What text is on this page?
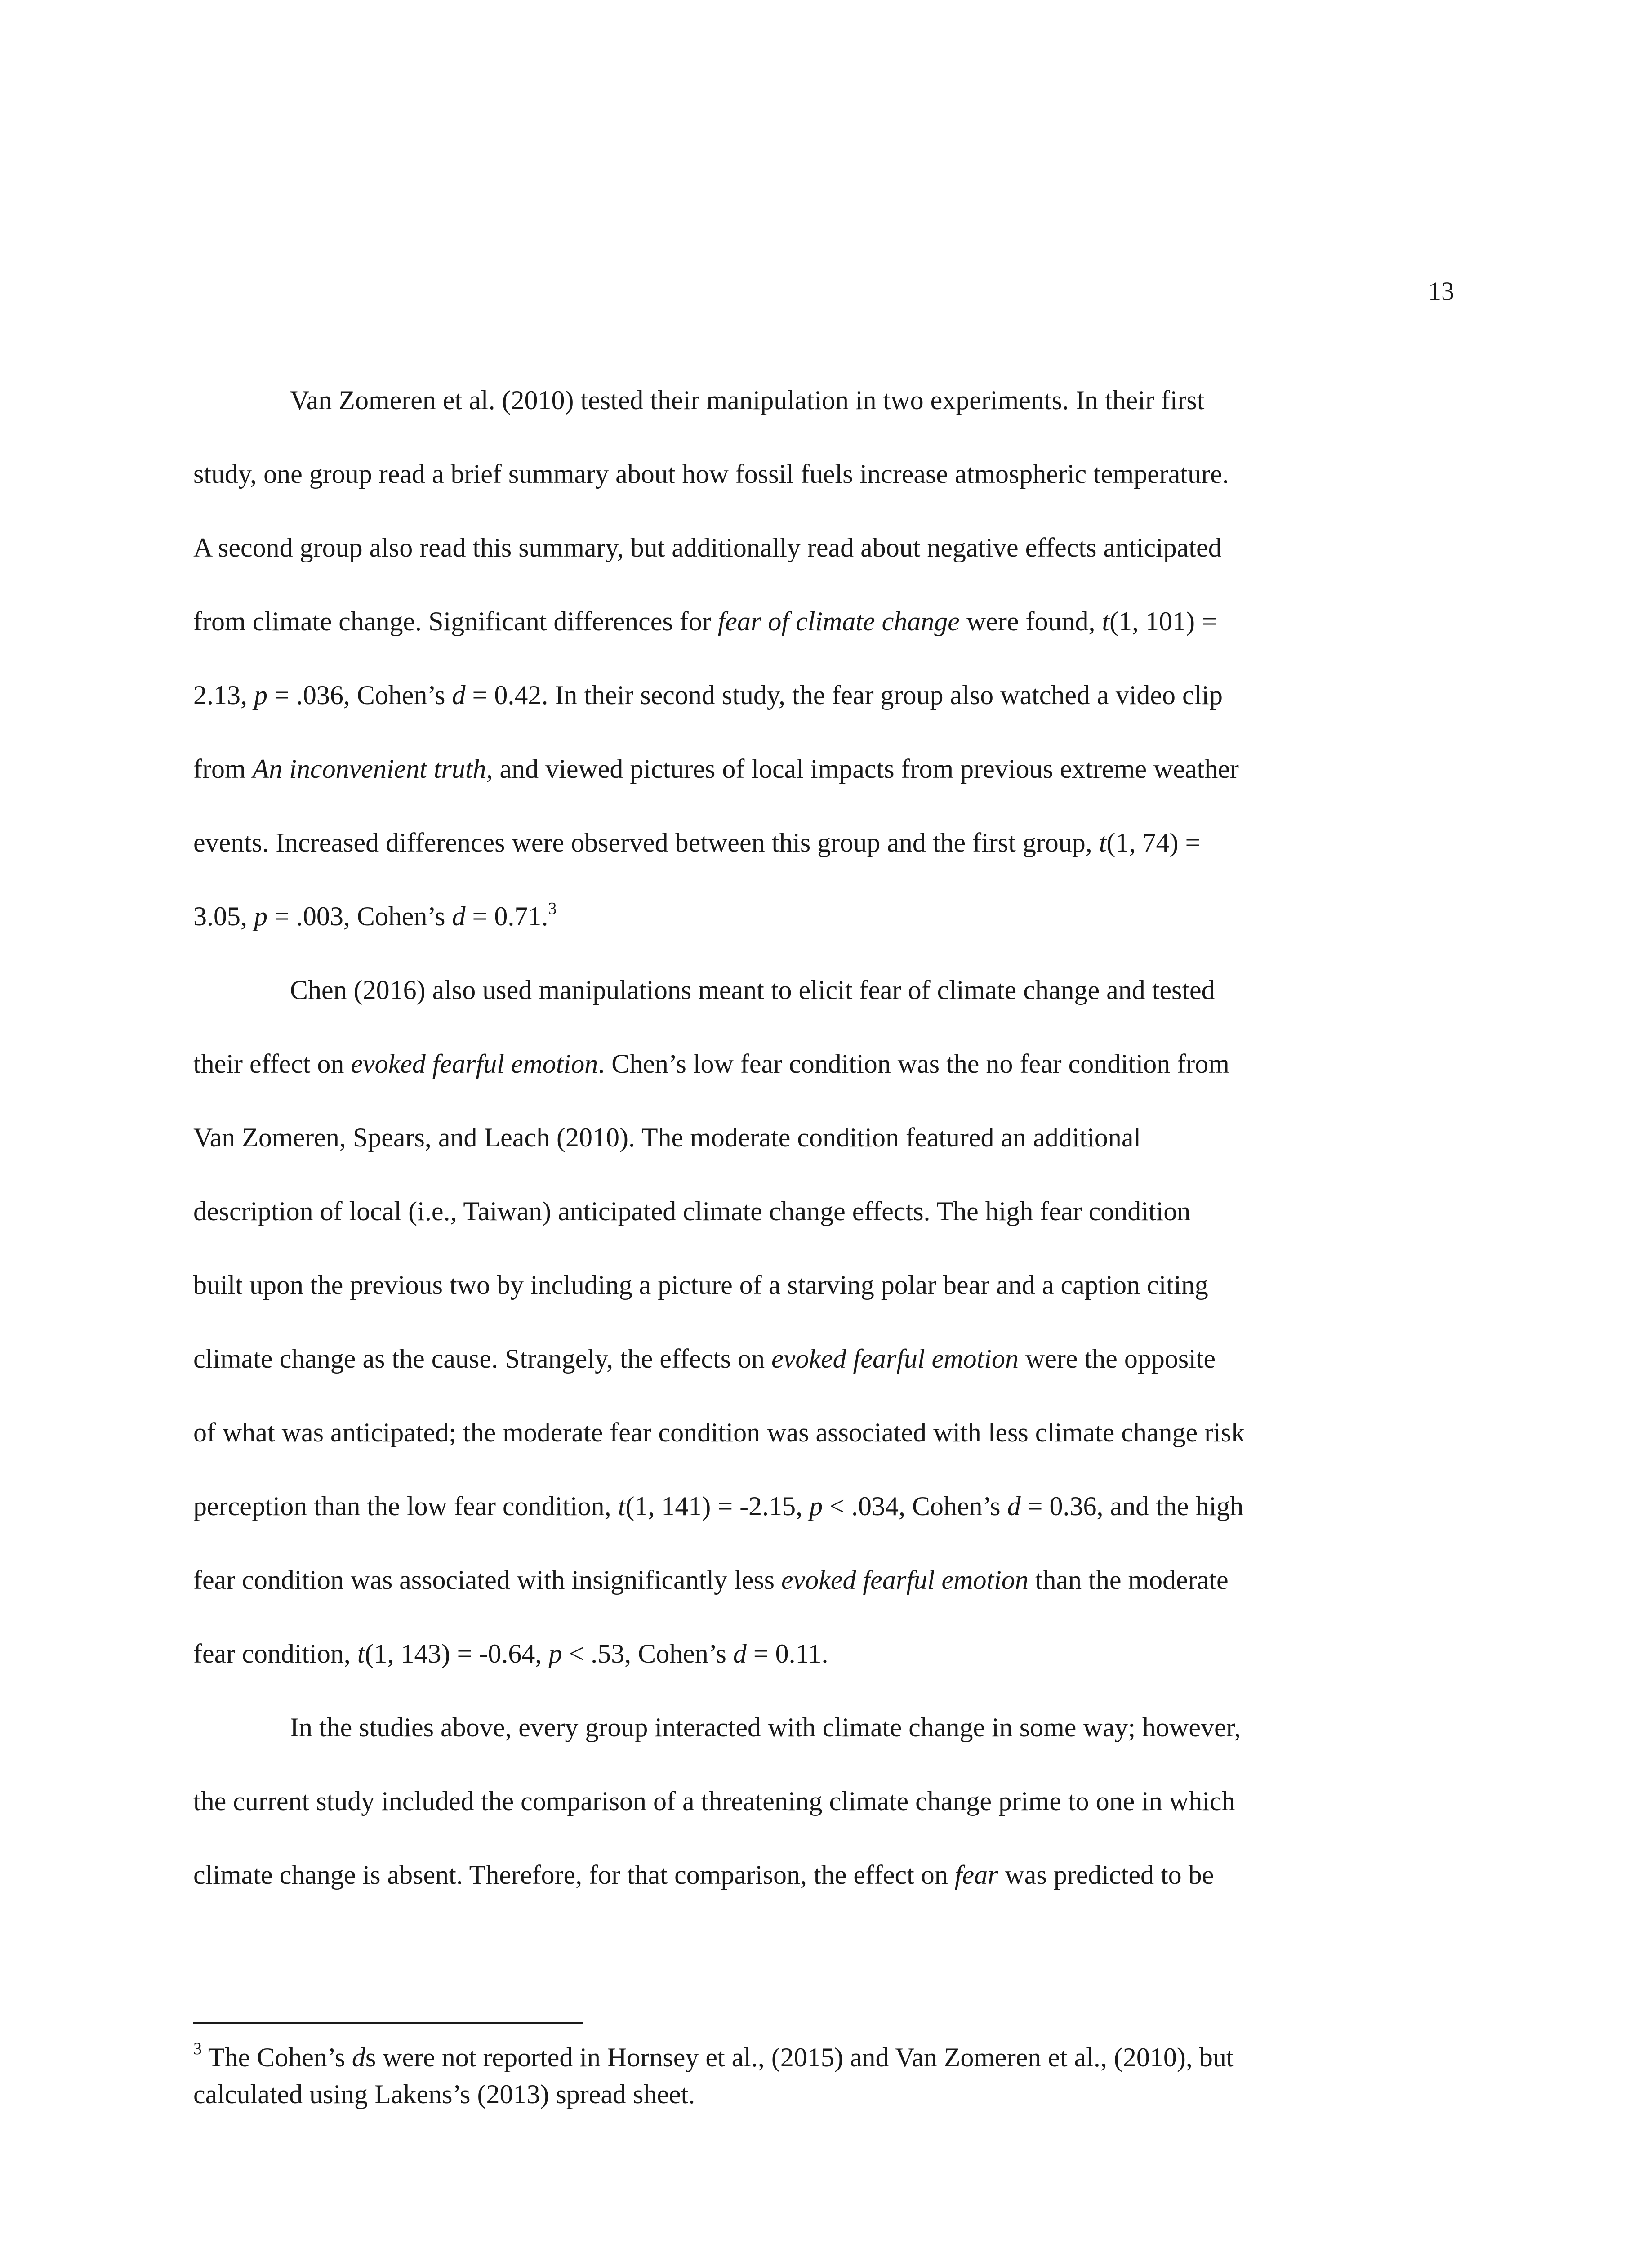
13
Van Zomeren et al. (2010) tested their manipulation in two experiments. In their first
study, one group read a brief summary about how fossil fuels increase atmospheric temperature.
A second group also read this summary, but additionally read about negative effects anticipated
from climate change. Significant differences for fear of climate change were found, t(1, 101) =
2.13, p = .036, Cohen’s d = 0.42. In their second study, the fear group also watched a video clip
from An inconvenient truth, and viewed pictures of local impacts from previous extreme weather
events. Increased differences were observed between this group and the first group, t(1, 74) =
3.05, p = .003, Cohen’s d = 0.71.$^3$
Chen (2016) also used manipulations meant to elicit fear of climate change and tested
their effect on evoked fearful emotion. Chen’s low fear condition was the no fear condition from
Van Zomeren, Spears, and Leach (2010). The moderate condition featured an additional
description of local (i.e., Taiwan) anticipated climate change effects. The high fear condition
built upon the previous two by including a picture of a starving polar bear and a caption citing
climate change as the cause. Strangely, the effects on evoked fearful emotion were the opposite
of what was anticipated; the moderate fear condition was associated with less climate change risk
perception than the low fear condition, t(1, 141) = -2.15, p < .034, Cohen’s d = 0.36, and the high
fear condition was associated with insignificantly less evoked fearful emotion than the moderate
fear condition, t(1, 143) = -0.64, p < .53, Cohen’s d = 0.11.
In the studies above, every group interacted with climate change in some way; however,
the current study included the comparison of a threatening climate change prime to one in which
climate change is absent. Therefore, for that comparison, the effect on fear was predicted to be
$^3$ The Cohen’s ds were not reported in Hornsey et al., (2015) and Van Zomeren et al., (2010), but
calculated using Lakens’s (2013) spread sheet.
